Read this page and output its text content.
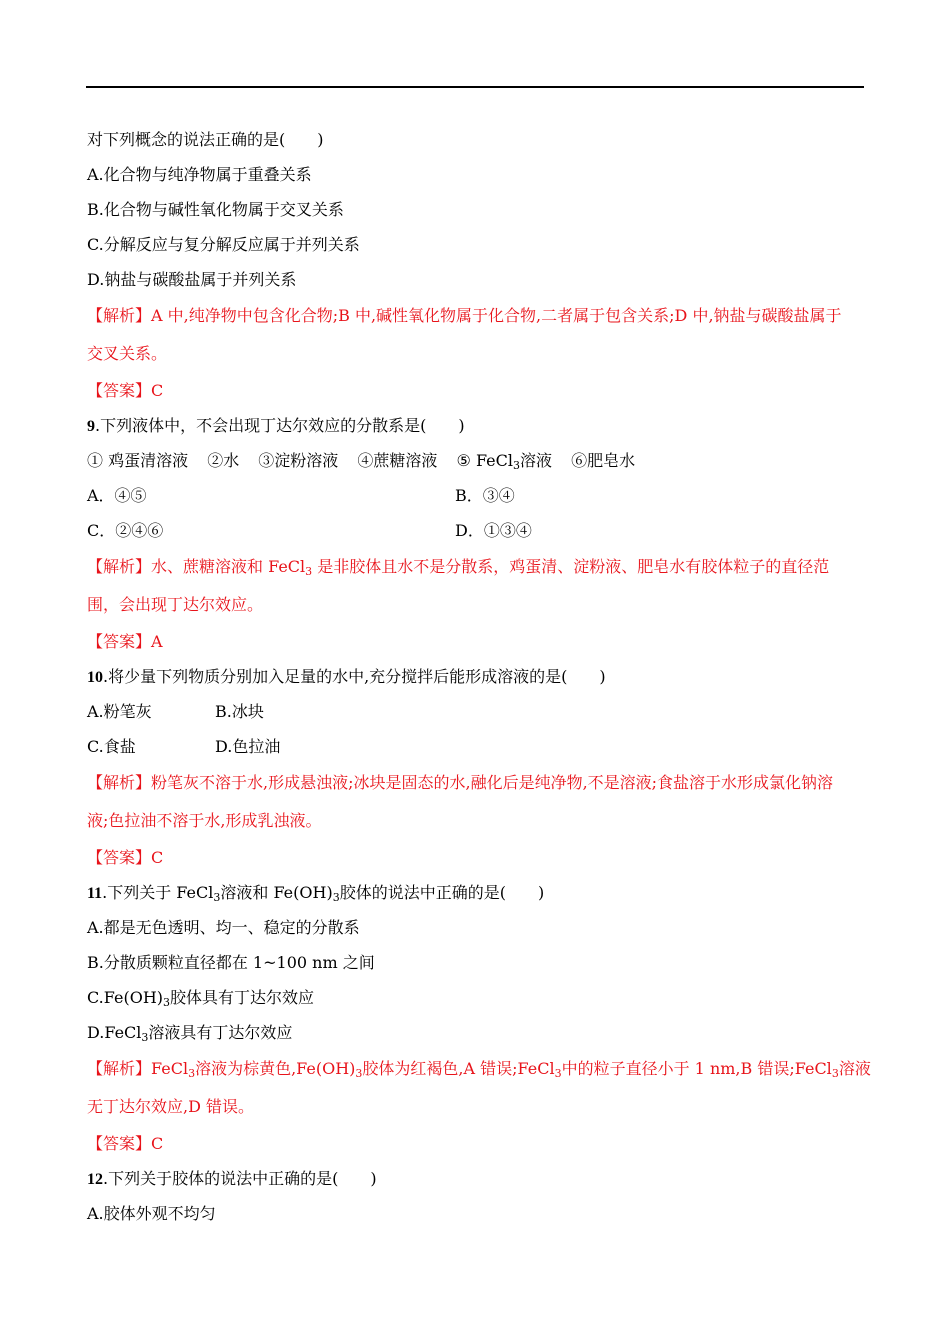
对下列概念的说法正确的是(　　)
A.化合物与纯净物属于重叠关系
B.化合物与碱性氧化物属于交叉关系
C.分解反应与复分解反应属于并列关系
D.钠盐与碳酸盐属于并列关系
【解析】A 中,纯净物中包含化合物;B 中,碱性氧化物属于化合物,二者属于包含关系;D 中,钠盐与碳酸盐属于
交叉关系。
【答案】C
9.下列液体中，不会出现丁达尔效应的分散系是(　　)
① 鸡蛋清溶液 ②水 ③淀粉溶液 ④蔗糖溶液 ⑤ FeCl$_3$溶液 ⑥肥皂水
A．④⑤	B．③④
C．②④⑥	D．①③④
【解析】水、蔗糖溶液和 FeCl$_3$ 是非胶体且水不是分散系，鸡蛋清、淀粉液、肥皂水有胶体粒子的直径范
围，会出现丁达尔效应。
【答案】A
10.将少量下列物质分别加入足量的水中,充分搅拌后能形成溶液的是(　　)
A.粉笔灰	B.冰块
C.食盐	D.色拉油
【解析】粉笔灰不溶于水,形成悬浊液;冰块是固态的水,融化后是纯净物,不是溶液;食盐溶于水形成氯化钠溶
液;色拉油不溶于水,形成乳浊液。
【答案】C
11.下列关于 FeCl$_3$溶液和 $Fe(OH)_3$胶体的说法中正确的是(　　)
A.都是无色透明、均一、稳定的分散系
B.分散质颗粒直径都在 1~100 nm 之间
$C.Fe(OH)_3$胶体具有丁达尔效应
D.FeCl$_3$溶液具有丁达尔效应
【解析】FeCl$_3$溶液为棕黄色$,Fe(OH)_3$胶体为红褐色,A 错误;FeCl$_3$中的粒子直径小于 1 nm,B 错误;FeCl$_3$溶液
无丁达尔效应,D 错误。
【答案】C
12.下列关于胶体的说法中正确的是(　　)
A.胶体外观不均匀
